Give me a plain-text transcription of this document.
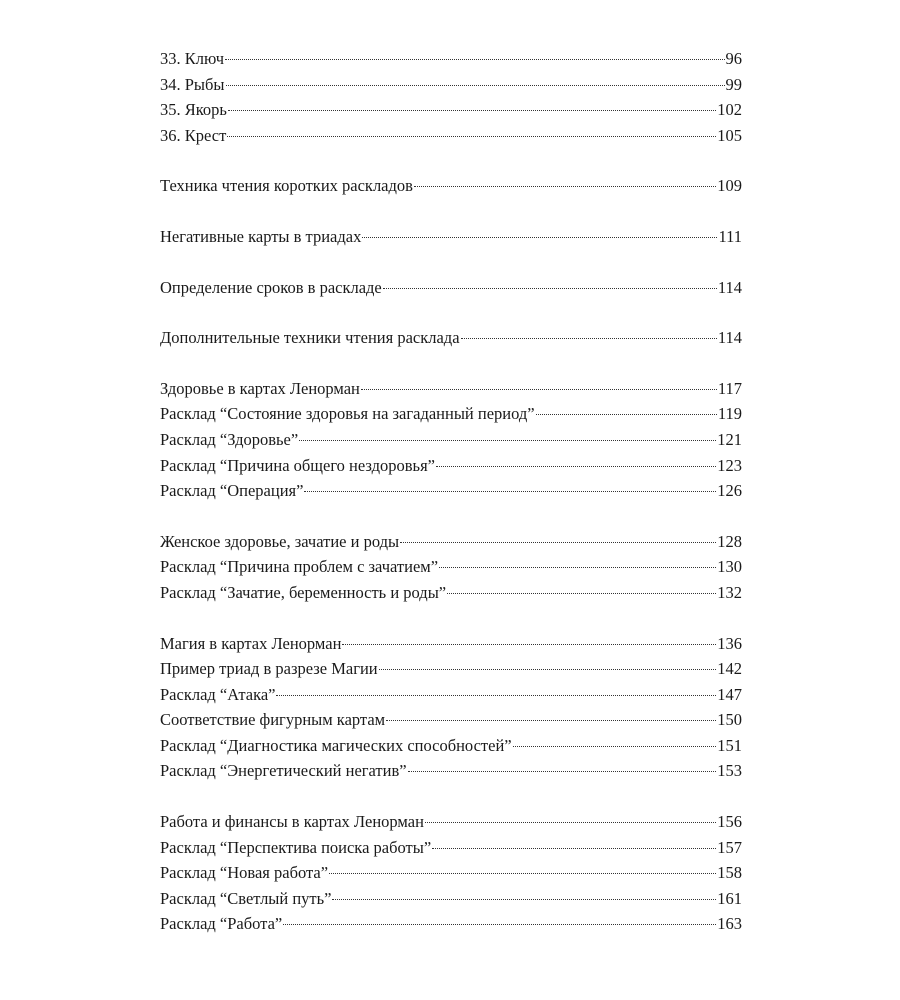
33. Ключ	96
34. Рыбы	99
35. Якорь	102
36. Крест	105
Техника чтения коротких раскладов	109
Негативные карты в триадах	111
Определение сроков в раскладе	114
Дополнительные техники чтения расклада	114
Здоровье в картах Ленорман	117
Расклад “Состояние здоровья на загаданный период”	119
Расклад “Здоровье”	121
Расклад “Причина общего нездоровья”	123
Расклад “Операция”	126
Женское здоровье, зачатие и роды	128
Расклад “Причина проблем с зачатием”	130
Расклад “Зачатие, беременность и роды”	132
Магия в картах Ленорман	136
Пример триад в разрезе Магии	142
Расклад “Атака”	147
Соответствие фигурным картам	150
Расклад “Диагностика магических способностей”	151
Расклад “Энергетический негатив”	153
Работа и финансы в картах Ленорман	156
Расклад “Перспектива поиска работы”	157
Расклад “Новая работа”	158
Расклад “Светлый путь”	161
Расклад “Работа”	163
